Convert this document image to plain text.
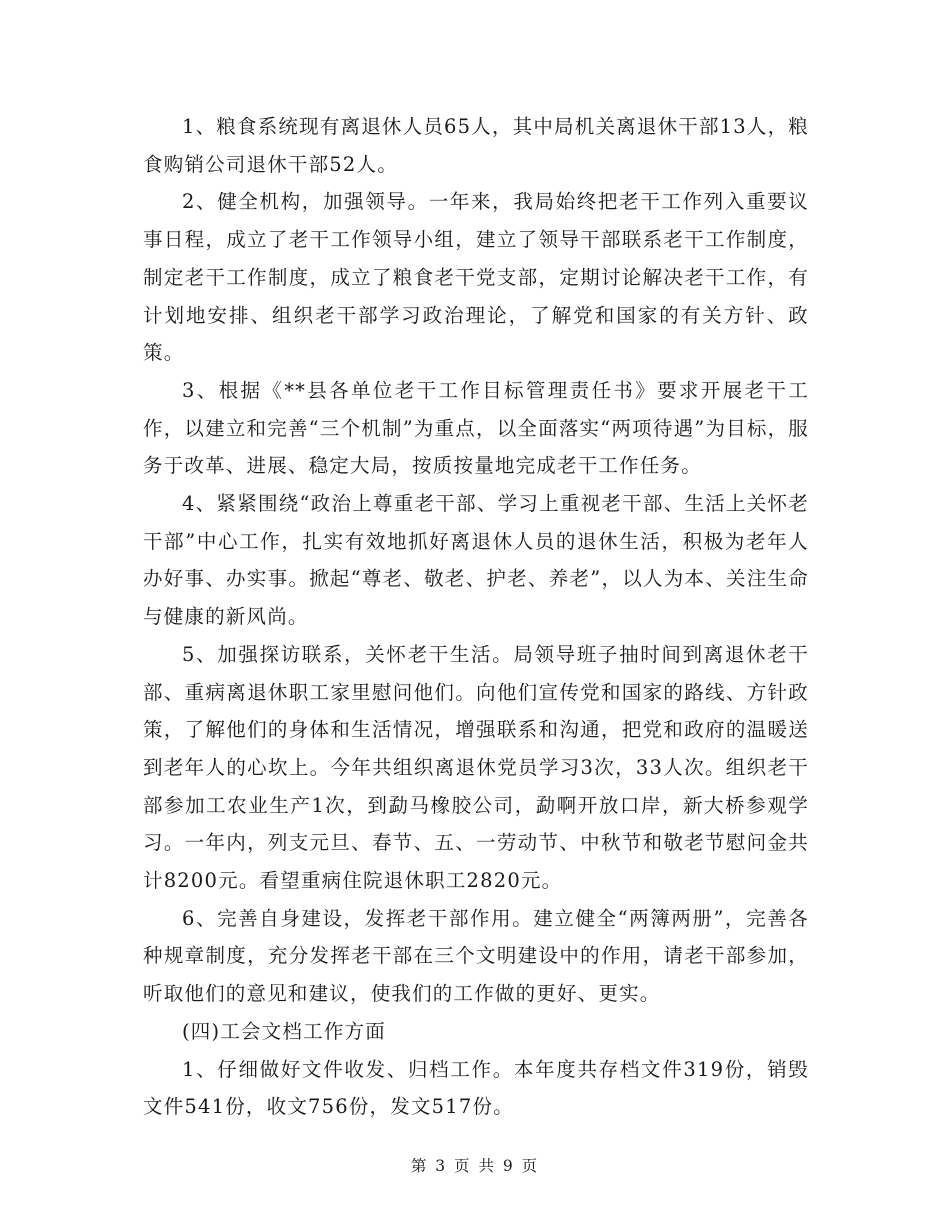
1、粮食系统现有离退休人员65人，其中局机关离退休干部13人，粮食购销公司退休干部52人。

2、健全机构，加强领导。一年来，我局始终把老干工作列入重要议事日程，成立了老干工作领导小组，建立了领导干部联系老干工作制度，制定老干工作制度，成立了粮食老干党支部，定期讨论解决老干工作，有计划地安排、组织老干部学习政治理论，了解党和国家的有关方针、政策。

3、根据《**县各单位老干工作目标管理责任书》要求开展老干工作，以建立和完善“三个机制”为重点，以全面落实“两项待遇”为目标，服务于改革、进展、稳定大局，按质按量地完成老干工作任务。

4、紧紧围绕“政治上尊重老干部、学习上重视老干部、生活上关怀老干部”中心工作，扎实有效地抓好离退休人员的退休生活，积极为老年人办好事、办实事。掀起“尊老、敬老、护老、养老”，以人为本、关注生命与健康的新风尚。

5、加强探访联系，关怀老干生活。局领导班子抽时间到离退休老干部、重病离退休职工家里慰问他们。向他们宣传党和国家的路线、方针政策，了解他们的身体和生活情况，增强联系和沟通，把党和政府的温暖送到老年人的心坎上。今年共组织离退休党员学习3次，33人次。组织老干部参加工农业生产1次，到勐马橡胶公司，勐啊开放口岸，新大桥参观学习。一年内，列支元旦、春节、五、一劳动节、中秋节和敬老节慰问金共计8200元。看望重病住院退休职工2820元。

6、完善自身建设，发挥老干部作用。建立健全“两簿两册”，完善各种规章制度，充分发挥老干部在三个文明建设中的作用，请老干部参加，听取他们的意见和建议，使我们的工作做的更好、更实。

(四)工会文档工作方面

1、仔细做好文件收发、归档工作。本年度共存档文件319份，销毁文件541份，收文756份，发文517份。

第 3 页 共 9 页
